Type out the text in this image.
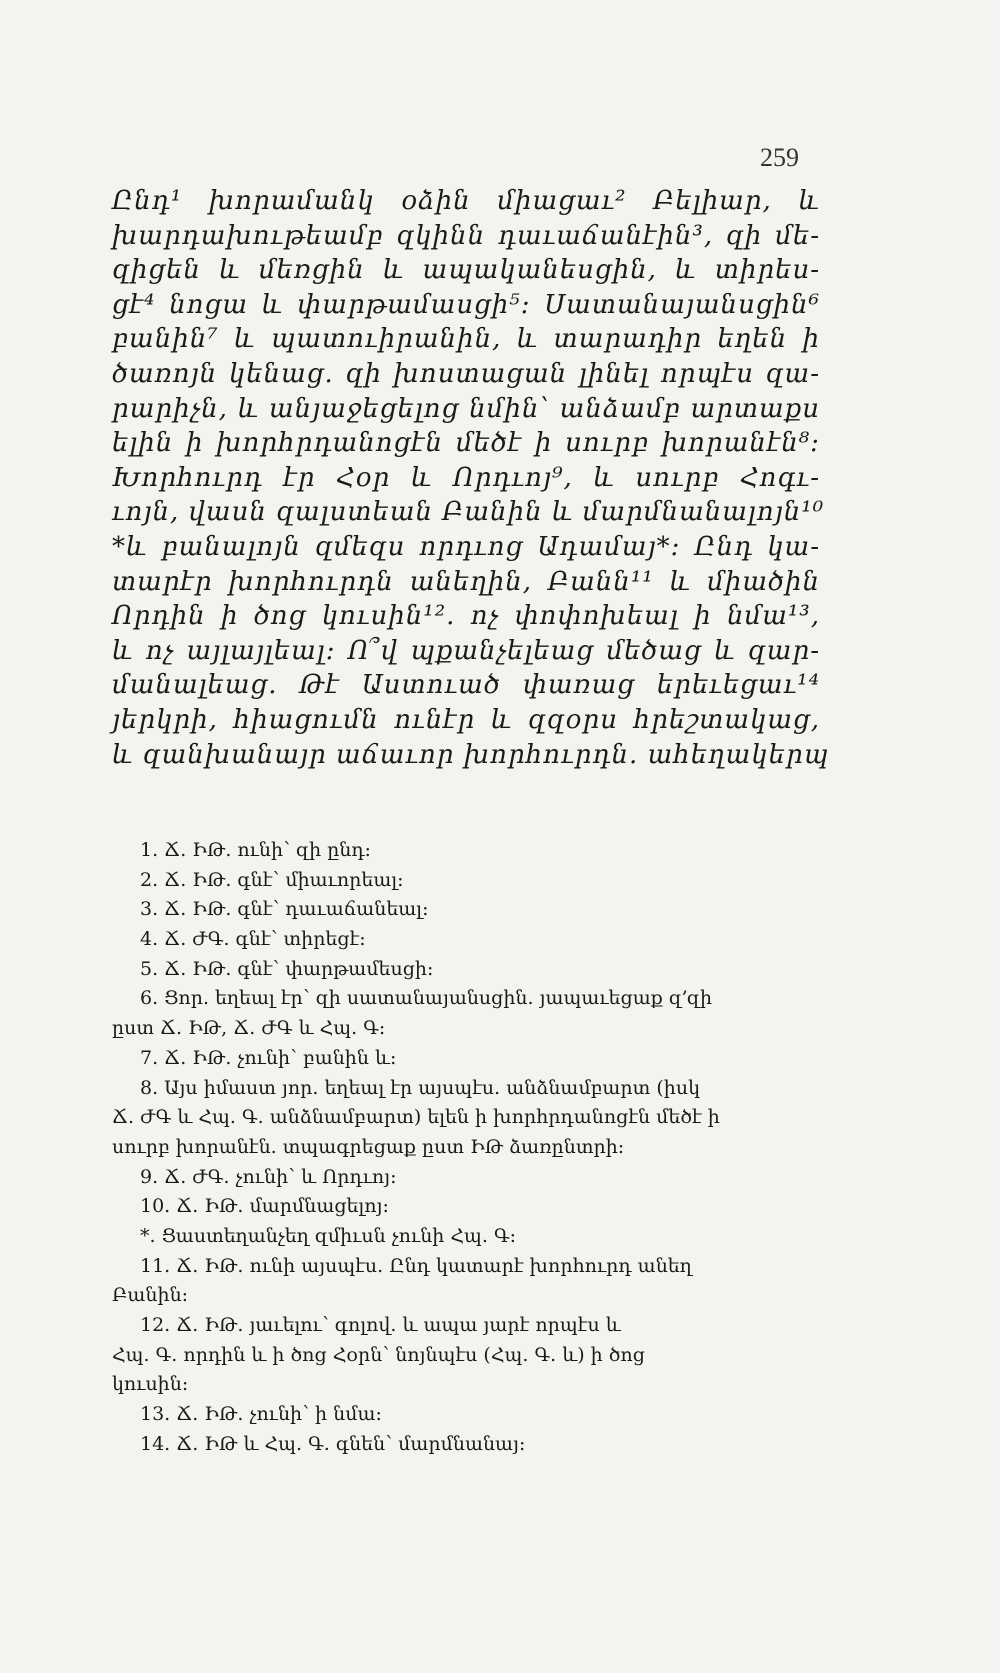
259
Ընդ¹ խորամանկ օձին միացաւ² Բելիար, և
խարդախութեամբ զկինն դաւաճանէին³, զի մե-
զիցեն և մեռցին և ապականեսցին, և տիրես-
ցէ⁴ նոցա և փարթամասցի⁵։ Սատանայանսցին⁶
բանին⁷ և պատուիրանին, և տարադիր եղեն ի
ծառոյն կենաց. զի խոստացան լինել որպէս զա-
րարիչն, և անյաջեցելոց նմին՝ անձամբ արտաքս
ելին ի խորհրդանոցէն մեծէ ի սուրբ խորանէն⁸։
Խորհուրդ էր Հօր և Որդւոյ⁹, և սուրբ Հոգւ-
ւոյն, վասն զալստեան Բանին և մարմնանալոյն¹⁰
*և բանալոյն զմեզս որդւոց Ադամայ*։ Ընդ կա-
տարէր խորհուրդն անեղին, Բանն¹¹ և միածին
Որդին ի ծոց կուսին¹². ոչ փոփոխեալ ի նմա¹³,
և ոչ այլայլեալ։ Ո՞վ պքանչելեաց մեծաց և զար-
մանալեաց. Թէ Աստուած փառաց երեւեցաւ¹⁴
յերկրի, հիացումն ունէր և զզօրս հրեշտակաց,
և զանխանայր աճաւոր խորհուրդն. ահեղակերպ
1. Ճ. ԻԹ. ունի՝ զի ընդ։
2. Ճ. ԻԹ. գնէ՝ միաւորեալ։
3. Ճ. ԻԹ. գնէ՝ դաւաճանեալ։
4. Ճ. ԺԳ. գնէ՝ տիրեցէ։
5. Ճ. ԻԹ. գնէ՝ փարթամեսցի։
6. Ցոր. եղեալ էր՝ զի սատանայանսցին. յապաւեցաք զ՚զի
ըստ Ճ. ԻԹ, Ճ. ԺԳ և Հպ. Գ։
7. Ճ. ԻԹ. չունի՝ բանին և։
8. Այս իմաստ յոր. եղեալ էր այսպէս. անձնամբարտ (իսկ
Ճ. ԺԳ և Հպ. Գ. անձնամբարտ) ելեն ի խորհրդանոցէն մեծէ ի
սուրբ խորանէն. տպագրեցաք ըստ ԻԹ ձառընտրի։
9. Ճ. ԺԳ. չունի՝ և Որդւոյ։
10. Ճ. ԻԹ. մարմնացելոյ։
*. Ցաստեղանչեղ զմիւսն չունի Հպ. Գ։
11. Ճ. ԻԹ. ունի այսպէս. Ընդ կատարէ խորհուրդ անեղ
Բանին։
12. Ճ. ԻԹ. յաւելու՝ գոլով. և ապա յարէ որպէս և
Հպ. Գ. որդին և ի ծոց Հօրն՝ նոյնպէս (Հպ. Գ. և) ի ծոց
կուսին։
13. Ճ. ԻԹ. չունի՝ ի նմա։
14. Ճ. ԻԹ և Հպ. Գ. գնեն՝ մարմնանայ։
